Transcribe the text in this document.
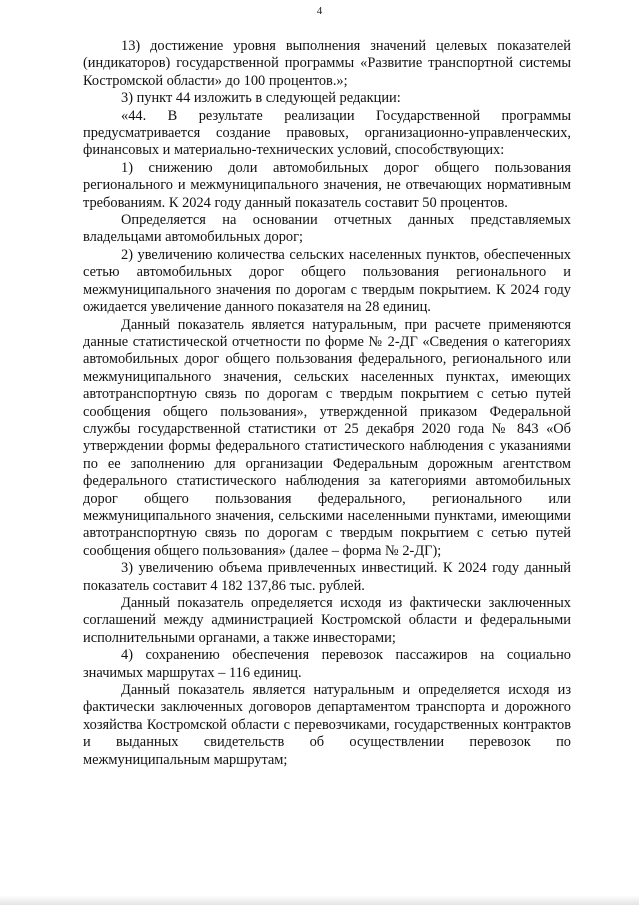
4

13) достижение уровня выполнения значений целевых показателей (индикаторов) государственной программы «Развитие транспортной системы Костромской области» до 100 процентов.»;

3) пункт 44 изложить в следующей редакции:

«44. В результате реализации Государственной программы предусматривается создание правовых, организационно-управленческих, финансовых и материально-технических условий, способствующих:

1) снижению доли автомобильных дорог общего пользования регионального и межмуниципального значения, не отвечающих нормативным требованиям. К 2024 году данный показатель составит 50 процентов.

Определяется на основании отчетных данных представляемых владельцами автомобильных дорог;

2) увеличению количества сельских населенных пунктов, обеспеченных сетью автомобильных дорог общего пользования регионального и межмуниципального значения по дорогам с твердым покрытием. К 2024 году ожидается увеличение данного показателя на 28 единиц.

Данный показатель является натуральным, при расчете применяются данные статистической отчетности по форме № 2-ДГ «Сведения о категориях автомобильных дорог общего пользования федерального, регионального или межмуниципального значения, сельских населенных пунктах, имеющих автотранспортную связь по дорогам с твердым покрытием с сетью путей сообщения общего пользования», утвержденной приказом Федеральной службы государственной статистики от 25 декабря 2020 года № 843 «Об утверждении формы федерального статистического наблюдения с указаниями по ее заполнению для организации Федеральным дорожным агентством федерального статистического наблюдения за категориями автомобильных дорог общего пользования федерального, регионального или межмуниципального значения, сельскими населенными пунктами, имеющими автотранспортную связь по дорогам с твердым покрытием с сетью путей сообщения общего пользования» (далее – форма № 2-ДГ);

3) увеличению объема привлеченных инвестиций. К 2024 году данный показатель составит 4 182 137,86 тыс. рублей.

Данный показатель определяется исходя из фактически заключенных соглашений между администрацией Костромской области и федеральными исполнительными органами, а также инвесторами;

4) сохранению обеспечения перевозок пассажиров на социально значимых маршрутах – 116 единиц.

Данный показатель является натуральным и определяется исходя из фактически заключенных договоров департаментом транспорта и дорожного хозяйства Костромской области с перевозчиками, государственных контрактов и выданных свидетельств об осуществлении перевозок по межмуниципальным маршрутам;
